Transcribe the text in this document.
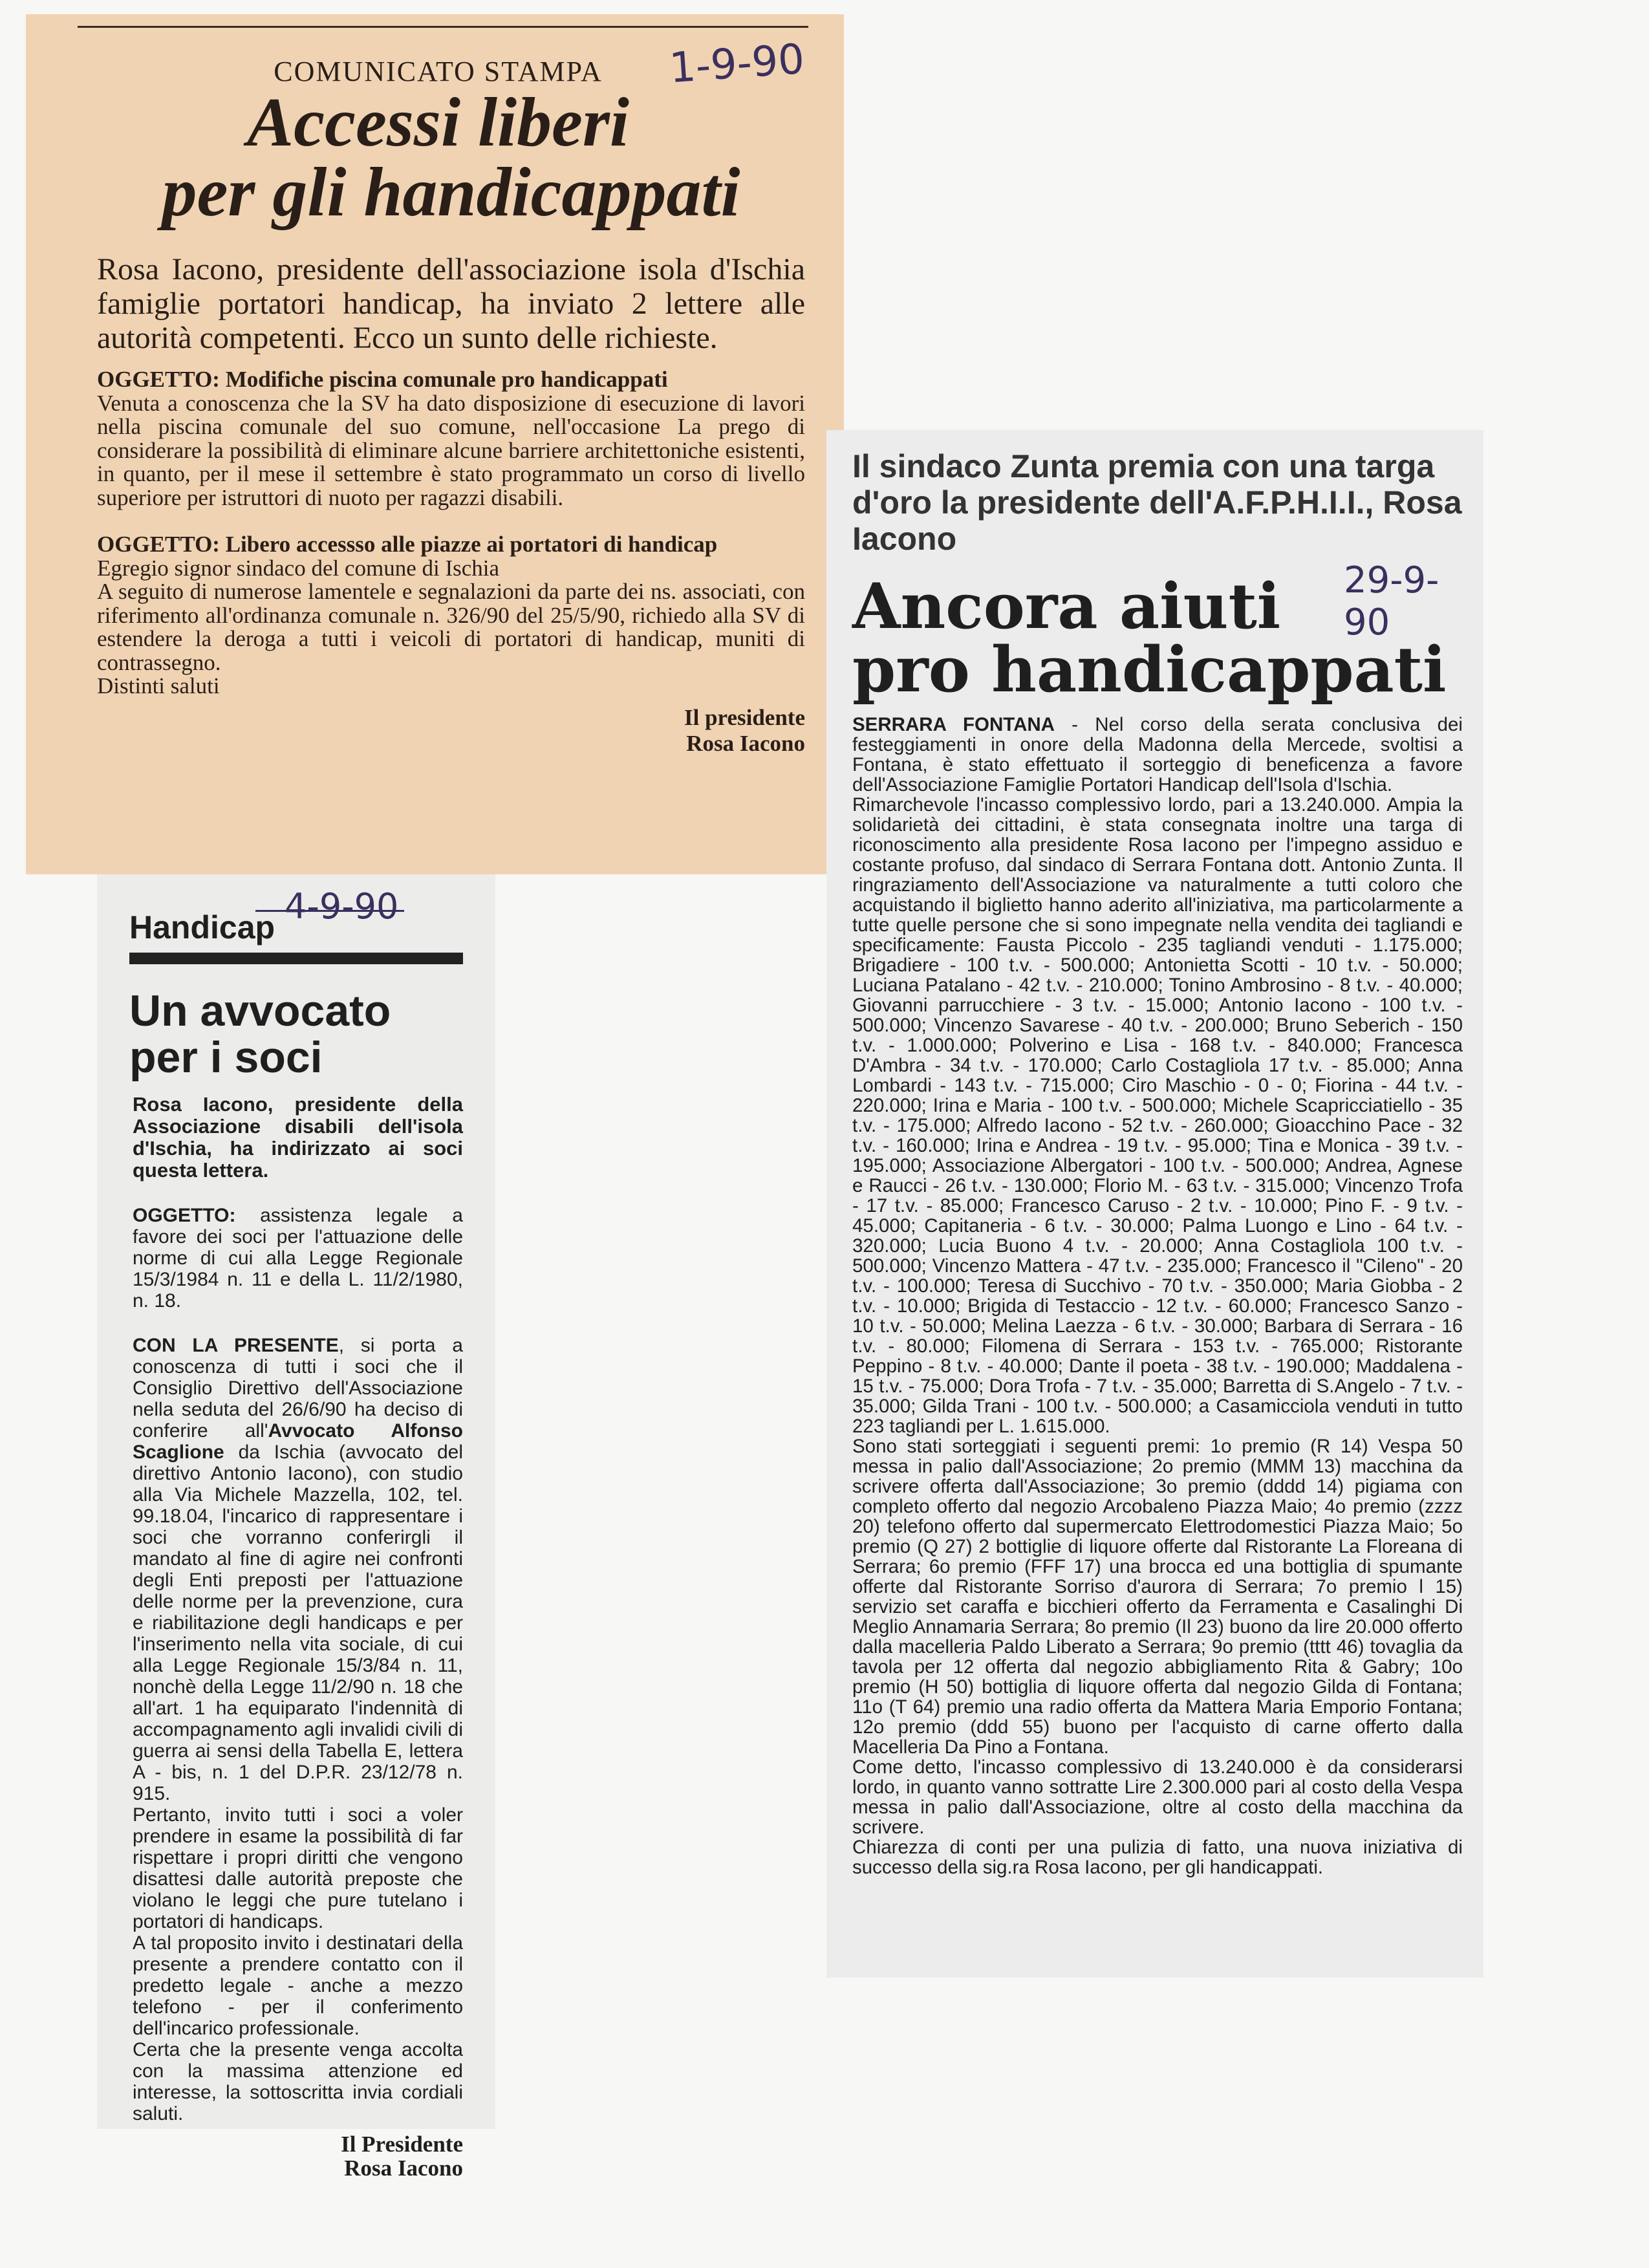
COMUNICATO STAMPA	1-9-90
Accessi liberi
per gli handicappati
Rosa Iacono, presidente dell'associazione isola d'Ischia famiglie portatori handicap, ha inviato 2 lettere alle autorità competenti. Ecco un sunto delle richieste.
OGGETTO: Modifiche piscina comunale pro handicappati
Venuta a conoscenza che la SV ha dato disposizione di esecuzione di lavori nella piscina comunale del suo comune, nell'occasione La prego di considerare la possibilità di eliminare alcune barriere architettoniche esistenti, in quanto, per il mese il settembre è stato programmato un corso di livello superiore per istruttori di nuoto per ragazzi disabili.
OGGETTO: Libero accessso alle piazze ai portatori di handicap
Egregio signor sindaco del comune di Ischia
A seguito di numerose lamentele e segnalazioni da parte dei ns. associati, con riferimento all'ordinanza comunale n. 326/90 del 25/5/90, richiedo alla SV di estendere la deroga a tutti i veicoli di portatori di handicap, muniti di contrassegno.
Distinti saluti
Il presidente
Rosa Iacono
Handicap
4-9-90
Un avvocato
per i soci
Rosa Iacono, presidente della Associazione disabili dell'isola d'Ischia, ha indirizzato ai soci questa lettera.
OGGETTO: assistenza legale a favore dei soci per l'attuazione delle norme di cui alla Legge Regionale 15/3/1984 n. 11 e della L. 11/2/1980, n. 18.
CON LA PRESENTE, si porta a conoscenza di tutti i soci che il Consiglio Direttivo dell'Associazione nella seduta del 26/6/90 ha deciso di conferire all'Avvocato Alfonso Scaglione da Ischia (avvocato del direttivo Antonio Iacono), con studio alla Via Michele Mazzella, 102, tel. 99.18.04, l'incarico di rappresentare i soci che vorranno conferirgli il mandato al fine di agire nei confronti degli Enti preposti per l'attuazione delle norme per la prevenzione, cura e riabilitazione degli handicaps e per l'inserimento nella vita sociale, di cui alla Legge Regionale 15/3/84 n. 11, nonchè della Legge 11/2/90 n. 18 che all'art. 1 ha equiparato l'indennità di accompagnamento agli invalidi civili di guerra ai sensi della Tabella E, lettera A - bis, n. 1 del D.P.R. 23/12/78 n. 915.
Pertanto, invito tutti i soci a voler prendere in esame la possibilità di far rispettare i propri diritti che vengono disattesi dalle autorità preposte che violano le leggi che pure tutelano i portatori di handicaps.
A tal proposito invito i destinatari della presente a prendere contatto con il predetto legale - anche a mezzo telefono - per il conferimento dell'incarico professionale.
Certa che la presente venga accolta con la massima attenzione ed interesse, la sottoscritta invia cordiali saluti.
Il Presidente
Rosa Iacono
Il sindaco Zunta premia con una targa d'oro la presidente dell'A.F.P.H.I.I., Rosa Iacono
29-9-90
Ancora aiuti
pro handicappati
SERRARA FONTANA - Nel corso della serata conclusiva dei festeggiamenti in onore della Madonna della Mercede, svoltisi a Fontana, è stato effettuato il sorteggio di beneficenza a favore dell'Associazione Famiglie Portatori Handicap dell'Isola d'Ischia.
Rimarchevole l'incasso complessivo lordo, pari a 13.240.000. Ampia la solidarietà dei cittadini, è stata consegnata inoltre una targa di riconoscimento alla presidente Rosa Iacono per l'impegno assiduo e costante profuso, dal sindaco di Serrara Fontana dott. Antonio Zunta. Il ringraziamento dell'Associazione va naturalmente a tutti coloro che acquistando il biglietto hanno aderito all'iniziativa, ma particolarmente a tutte quelle persone che si sono impegnate nella vendita dei tagliandi e specificamente: Fausta Piccolo - 235 tagliandi venduti - 1.175.000; Brigadiere - 100 t.v. - 500.000; Antonietta Scotti - 10 t.v. - 50.000; Luciana Patalano - 42 t.v. - 210.000; Tonino Ambrosino - 8 t.v. - 40.000; Giovanni parrucchiere - 3 t.v. - 15.000; Antonio Iacono - 100 t.v. - 500.000; Vincenzo Savarese - 40 t.v. - 200.000; Bruno Seberich - 150 t.v. - 1.000.000; Polverino e Lisa - 168 t.v. - 840.000; Francesca D'Ambra - 34 t.v. - 170.000; Carlo Costagliola 17 t.v. - 85.000; Anna Lombardi - 143 t.v. - 715.000; Ciro Maschio - 0 - 0; Fiorina - 44 t.v. - 220.000; Irina e Maria - 100 t.v. - 500.000; Michele Scapricciatiello - 35 t.v. - 175.000; Alfredo Iacono - 52 t.v. - 260.000; Gioacchino Pace - 32 t.v. - 160.000; Irina e Andrea - 19 t.v. - 95.000; Tina e Monica - 39 t.v. - 195.000; Associazione Albergatori - 100 t.v. - 500.000; Andrea, Agnese e Raucci - 26 t.v. - 130.000; Florio M. - 63 t.v. - 315.000; Vincenzo Trofa - 17 t.v. - 85.000; Francesco Caruso - 2 t.v. - 10.000; Pino F. - 9 t.v. - 45.000; Capitaneria - 6 t.v. - 30.000; Palma Luongo e Lino - 64 t.v. - 320.000; Lucia Buono 4 t.v. - 20.000; Anna Costagliola 100 t.v. - 500.000; Vincenzo Mattera - 47 t.v. - 235.000; Francesco il "Cileno" - 20 t.v. - 100.000; Teresa di Succhivo - 70 t.v. - 350.000; Maria Giobba - 2 t.v. - 10.000; Brigida di Testaccio - 12 t.v. - 60.000; Francesco Sanzo - 10 t.v. - 50.000; Melina Laezza - 6 t.v. - 30.000; Barbara di Serrara - 16 t.v. - 80.000; Filomena di Serrara - 153 t.v. - 765.000; Ristorante Peppino - 8 t.v. - 40.000; Dante il poeta - 38 t.v. - 190.000; Maddalena - 15 t.v. - 75.000; Dora Trofa - 7 t.v. - 35.000; Barretta di S.Angelo - 7 t.v. - 35.000; Gilda Trani - 100 t.v. - 500.000; a Casamicciola venduti in tutto 223 tagliandi per L. 1.615.000.
Sono stati sorteggiati i seguenti premi: 1o premio (R 14) Vespa 50 messa in palio dall'Associazione; 2o premio (MMM 13) macchina da scrivere offerta dall'Associazione; 3o premio (dddd 14) pigiama con completo offerto dal negozio Arcobaleno Piazza Maio; 4o premio (zzzz 20) telefono offerto dal supermercato Elettrodomestici Piazza Maio; 5o premio (Q 27) 2 bottiglie di liquore offerte dal Ristorante La Floreana di Serrara; 6o premio (FFF 17) una brocca ed una bottiglia di spumante offerte dal Ristorante Sorriso d'aurora di Serrara; 7o premio l 15) servizio set caraffa e bicchieri offerto da Ferramenta e Casalinghi Di Meglio Annamaria Serrara; 8o premio (Il 23) buono da lire 20.000 offerto dalla macelleria Paldo Liberato a Serrara; 9o premio (tttt 46) tovaglia da tavola per 12 offerta dal negozio abbigliamento Rita & Gabry; 10o premio (H 50) bottiglia di liquore offerta dal negozio Gilda di Fontana; 11o (T 64) premio una radio offerta da Mattera Maria Emporio Fontana; 12o premio (ddd 55) buono per l'acquisto di carne offerto dalla Macelleria Da Pino a Fontana.
Come detto, l'incasso complessivo di 13.240.000 è da considerarsi lordo, in quanto vanno sottratte Lire 2.300.000 pari al costo della Vespa messa in palio dall'Associazione, oltre al costo della macchina da scrivere.
Chiarezza di conti per una pulizia di fatto, una nuova iniziativa di successo della sig.ra Rosa Iacono, per gli handicappati.
